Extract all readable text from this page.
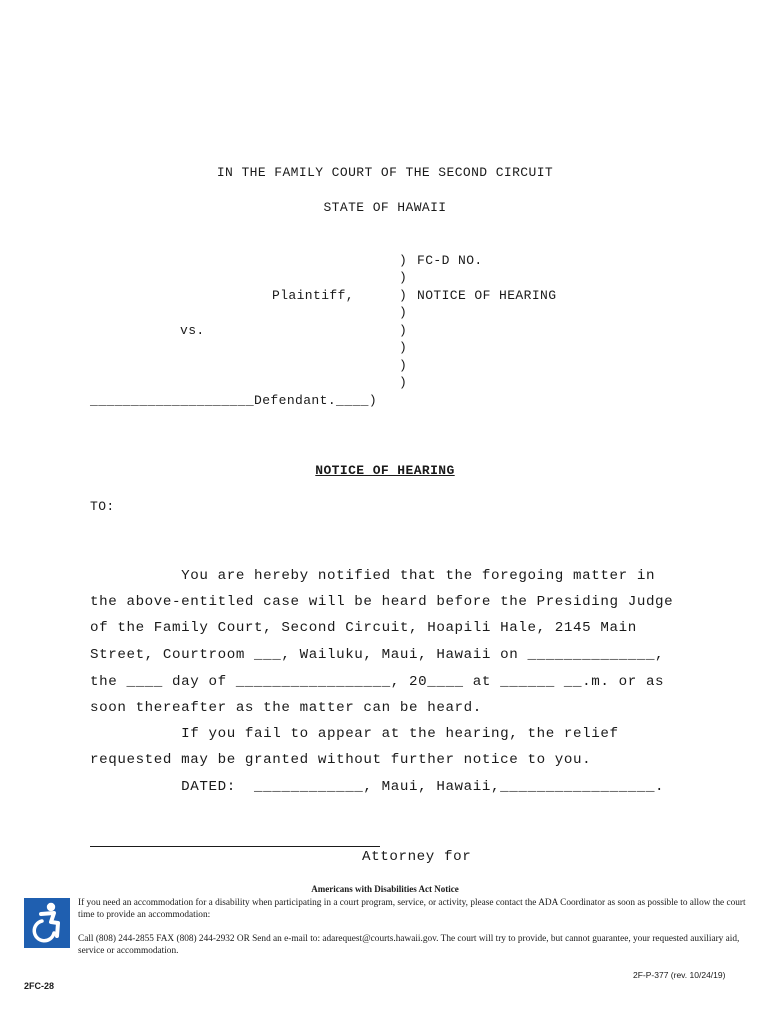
IN THE FAMILY COURT OF THE SECOND CIRCUIT
STATE OF HAWAII
)
)
)
)
)
)
)
)
FC-D NO.
NOTICE OF HEARING
Plaintiff,
vs.
____________________Defendant.____)
NOTICE OF HEARING
TO:
You are hereby notified that the foregoing matter in
the above-entitled case will be heard before the Presiding Judge
of the Family Court, Second Circuit, Hoapili Hale, 2145 Main
Street, Courtroom ___, Wailuku, Maui, Hawaii on ______________,
the ____ day of _________________, 20____ at ______ __.m. or as
soon thereafter as the matter can be heard.
If you fail to appear at the hearing, the relief
requested may be granted without further notice to you.
DATED:  ____________, Maui, Hawaii,_________________.
Attorney for
Americans with Disabilities Act Notice
If you need an accommodation for a disability when participating in a court program, service, or activity, please contact the ADA Coordinator as soon as possible to allow the court time to provide an accommodation:
Call (808) 244-2855 FAX (808) 244-2932 OR Send an e-mail to: adarequest@courts.hawaii.gov. The court will try to provide, but cannot guarantee, your requested auxiliary aid, service or accommodation.
2F-P-377 (rev. 10/24/19)
2FC-28
